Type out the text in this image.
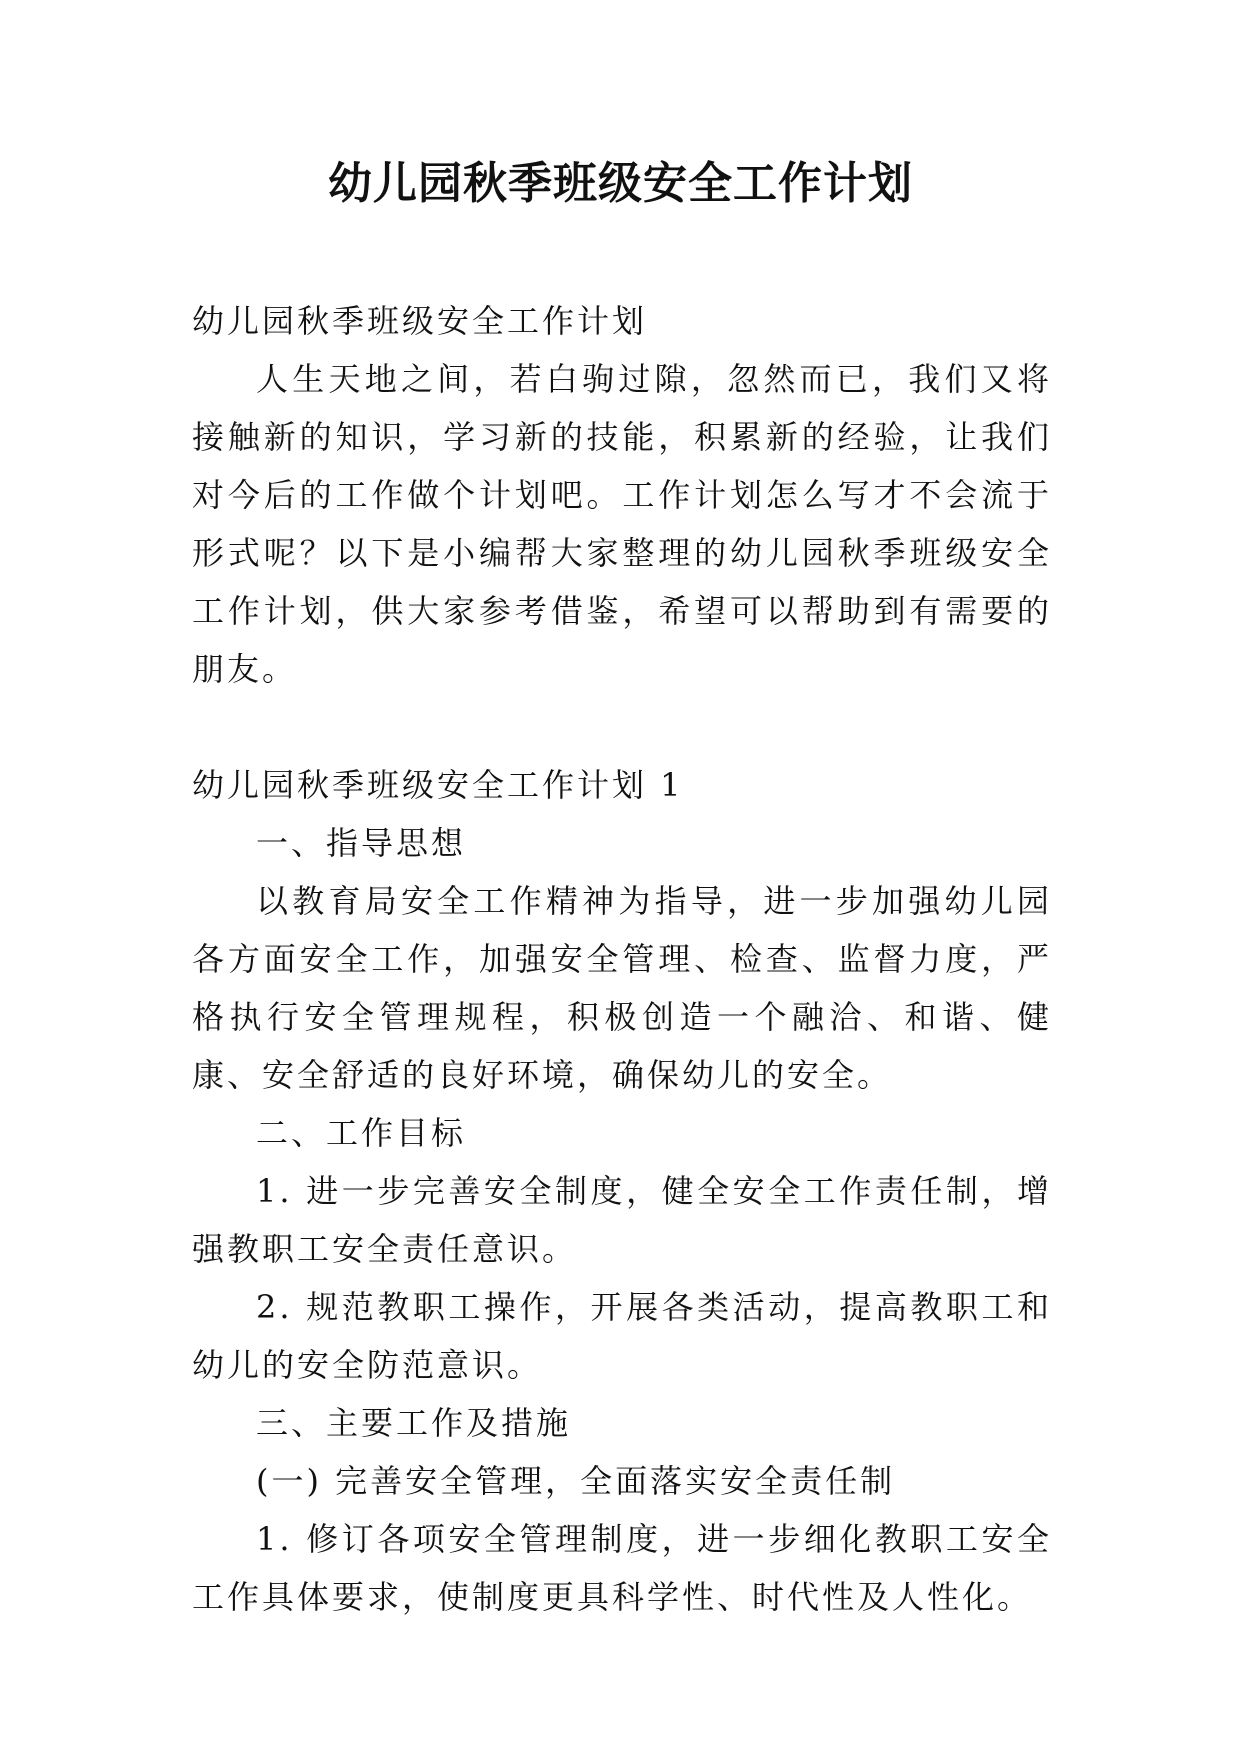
幼儿园秋季班级安全工作计划

幼儿园秋季班级安全工作计划

人生天地之间，若白驹过隙，忽然而已，我们又将接触新的知识，学习新的技能，积累新的经验，让我们对今后的工作做个计划吧。工作计划怎么写才不会流于形式呢？以下是小编帮大家整理的幼儿园秋季班级安全工作计划，供大家参考借鉴，希望可以帮助到有需要的朋友。

幼儿园秋季班级安全工作计划 1

一、指导思想

以教育局安全工作精神为指导，进一步加强幼儿园各方面安全工作，加强安全管理、检查、监督力度，严格执行安全管理规程，积极创造一个融洽、和谐、健康、安全舒适的良好环境，确保幼儿的安全。

二、工作目标

1. 进一步完善安全制度，健全安全工作责任制，增强教职工安全责任意识。

2. 规范教职工操作，开展各类活动，提高教职工和幼儿的安全防范意识。

三、主要工作及措施

(一) 完善安全管理，全面落实安全责任制

1. 修订各项安全管理制度，进一步细化教职工安全工作具体要求，使制度更具科学性、时代性及人性化。
